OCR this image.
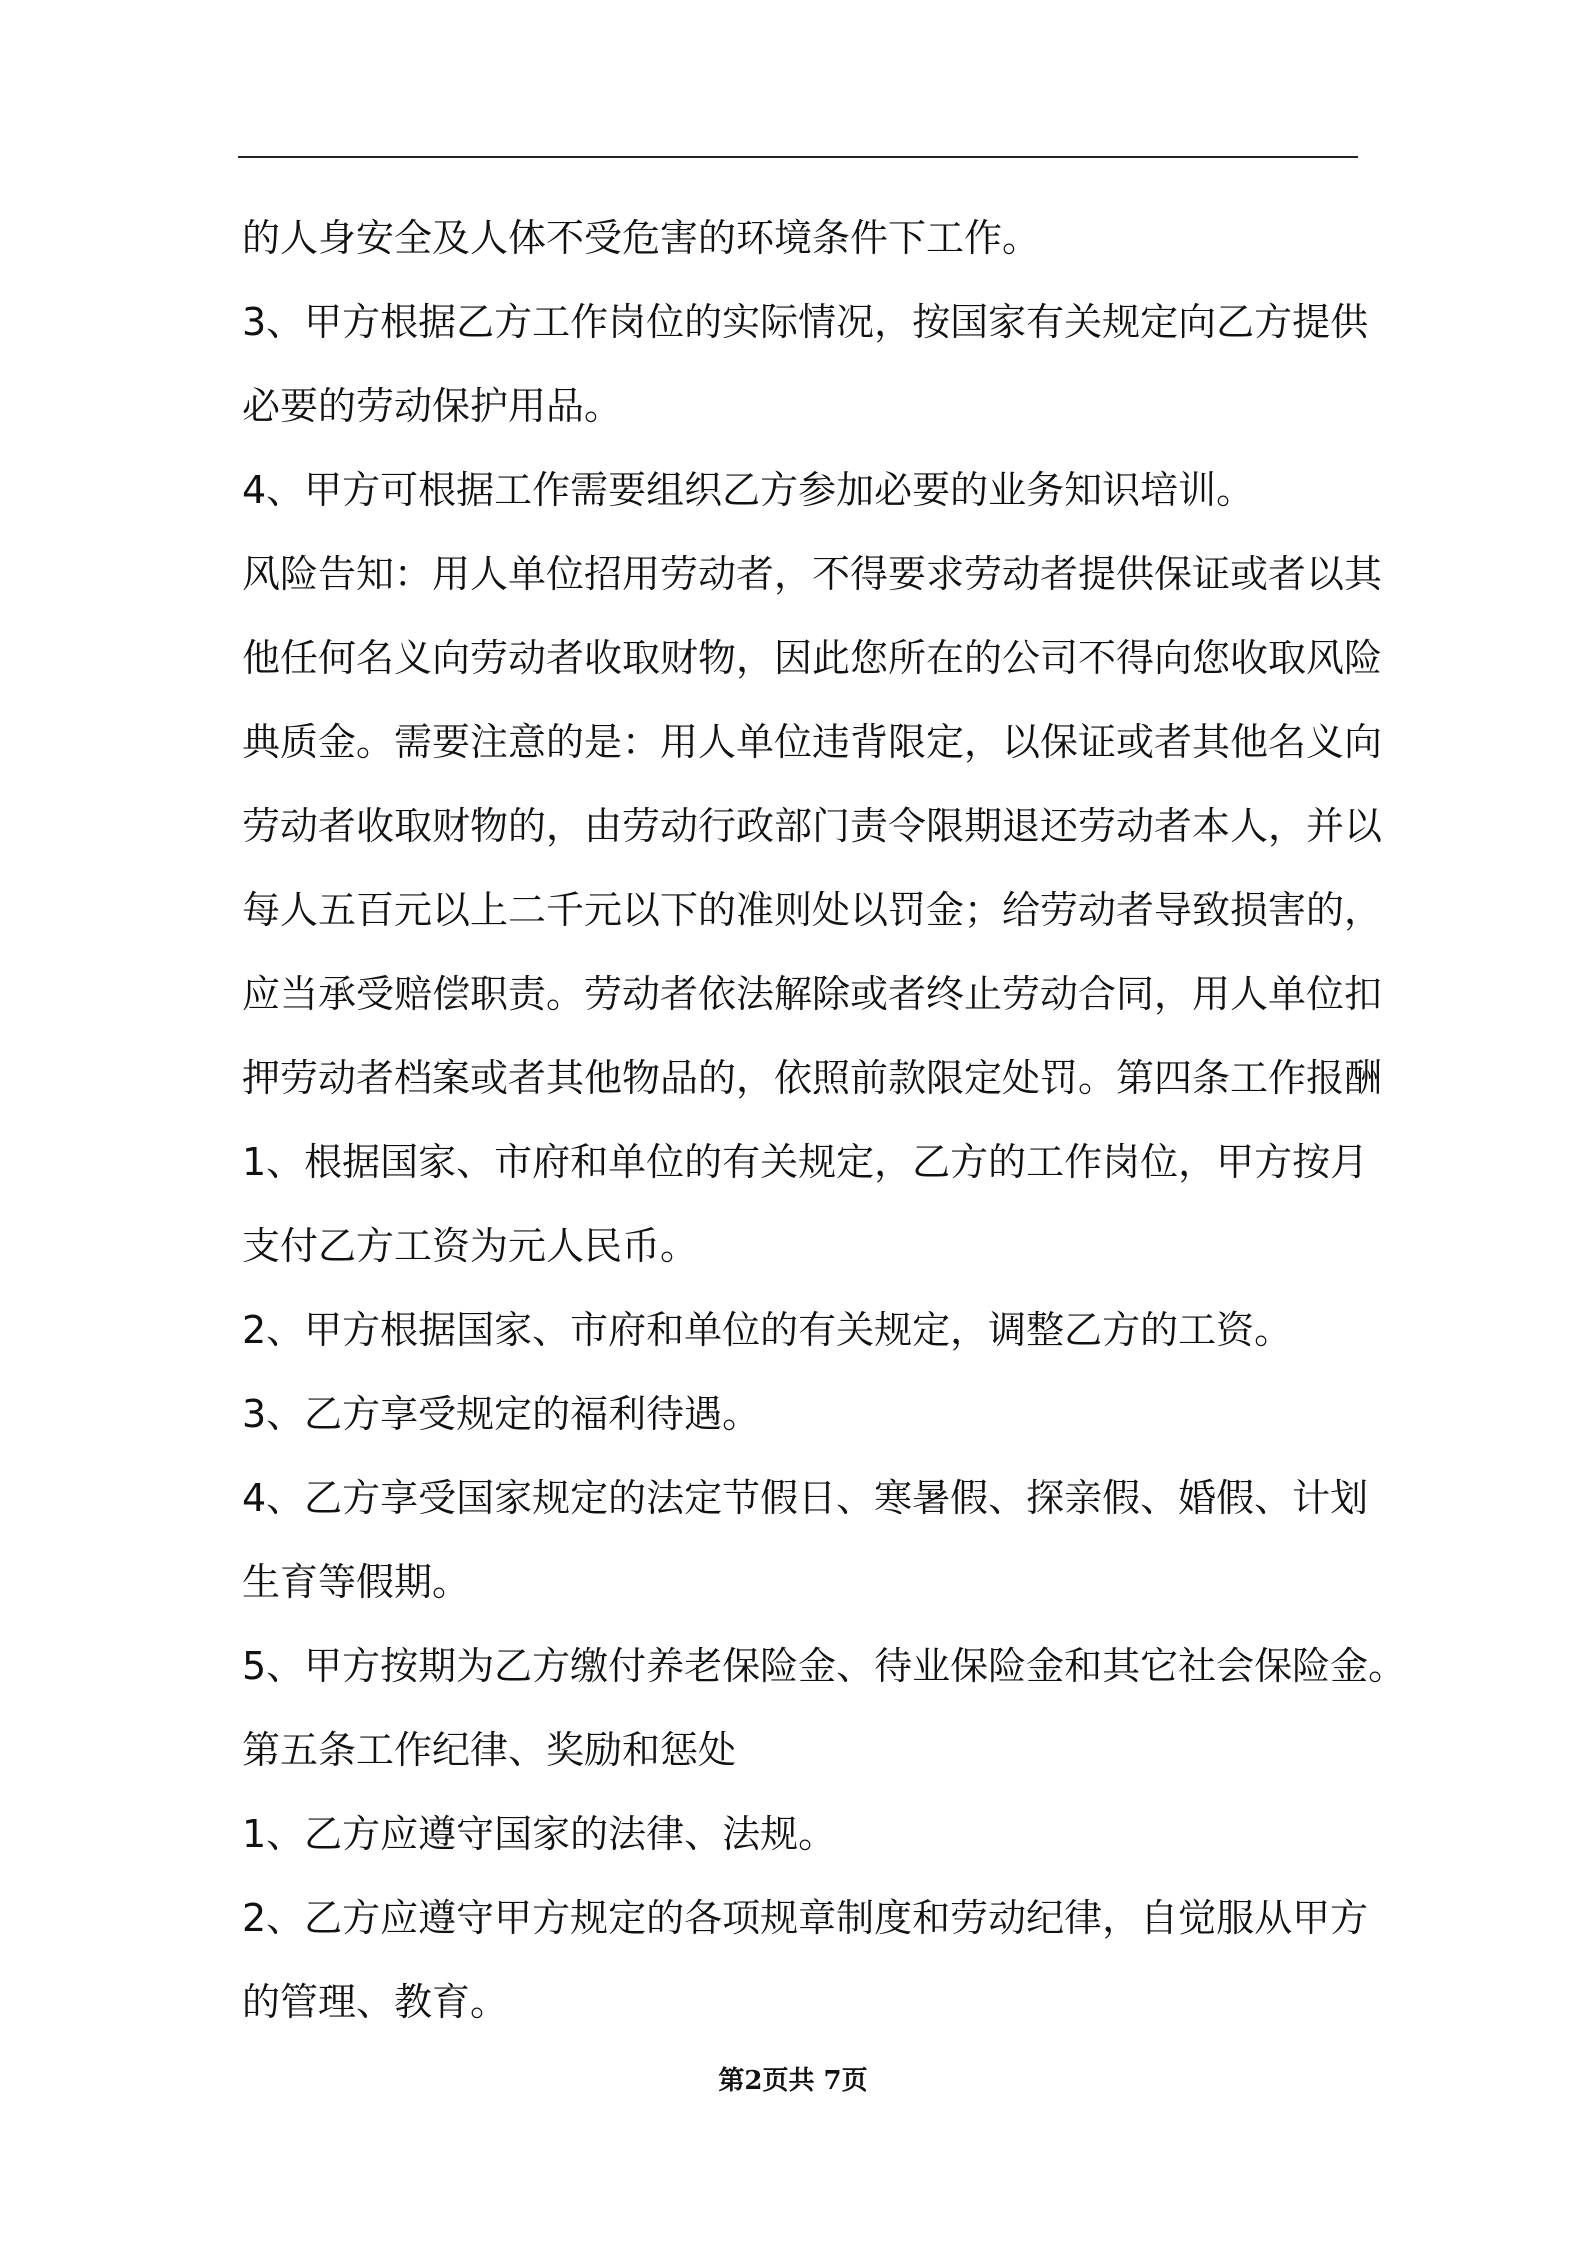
的人身安全及人体不受危害的环境条件下工作。
3、甲方根据乙方工作岗位的实际情况，按国家有关规定向乙方提供
必要的劳动保护用品。
4、甲方可根据工作需要组织乙方参加必要的业务知识培训。
风险告知：用人单位招用劳动者，不得要求劳动者提供保证或者以其
他任何名义向劳动者收取财物，因此您所在的公司不得向您收取风险
典质金。需要注意的是：用人单位违背限定，以保证或者其他名义向
劳动者收取财物的，由劳动行政部门责令限期退还劳动者本人，并以
每人五百元以上二千元以下的准则处以罚金；给劳动者导致损害的，
应当承受赔偿职责。劳动者依法解除或者终止劳动合同，用人单位扣
押劳动者档案或者其他物品的，依照前款限定处罚。第四条工作报酬
1、根据国家、市府和单位的有关规定，乙方的工作岗位，甲方按月
支付乙方工资为元人民币。
2、甲方根据国家、市府和单位的有关规定，调整乙方的工资。
3、乙方享受规定的福利待遇。
4、乙方享受国家规定的法定节假日、寒暑假、探亲假、婚假、计划
生育等假期。
5、甲方按期为乙方缴付养老保险金、待业保险金和其它社会保险金。
第五条工作纪律、奖励和惩处
1、乙方应遵守国家的法律、法规。
2、乙方应遵守甲方规定的各项规章制度和劳动纪律，自觉服从甲方
的管理、教育。
第2页共 7页
